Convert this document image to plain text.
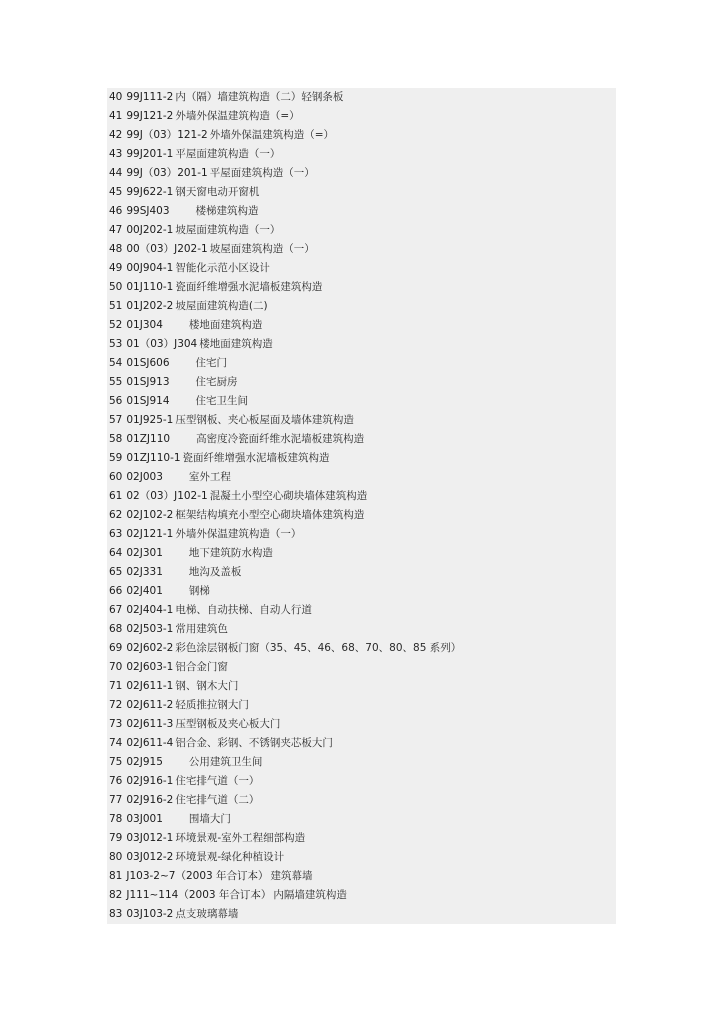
40 99J111-2 内（隔）墙建筑构造（二）轻钢条板
41 99J121-2 外墙外保温建筑构造（=）
42 99J（03）121-2 外墙外保温建筑构造（=）
43 99J201-1 平屋面建筑构造（一）
44 99J（03）201-1 平屋面建筑构造（一）
45 99J622-1 钢天窗电动开窗机
46 99SJ403 楼梯建筑构造
47 00J202-1 坡屋面建筑构造（一）
48 00（03）J202-1 坡屋面建筑构造（一）
49 00J904-1 智能化示范小区设计
50 01J110-1 瓷面纤维增强水泥墙板建筑构造
51 01J202-2 坡屋面建筑构造(二)
52 01J304 楼地面建筑构造
53 01（03）J304 楼地面建筑构造
54 01SJ606 住宅门
55 01SJ913 住宅厨房
56 01SJ914 住宅卫生间
57 01J925-1 压型钢板、夹心板屋面及墙体建筑构造
58 01ZJ110 高密度冷瓷面纤维水泥墙板建筑构造
59 01ZJ110-1 瓷面纤维增强水泥墙板建筑构造
60 02J003 室外工程
61 02（03）J102-1 混凝土小型空心砌块墙体建筑构造
62 02J102-2 框架结构填充小型空心砌块墙体建筑构造
63 02J121-1 外墙外保温建筑构造（一）
64 02J301 地下建筑防水构造
65 02J331 地沟及盖板
66 02J401 钢梯
67 02J404-1 电梯、自动扶梯、自动人行道
68 02J503-1 常用建筑色
69 02J602-2 彩色涂层钢板门窗（35、45、46、68、70、80、85 系列）
70 02J603-1 铝合金门窗
71 02J611-1 钢、钢木大门
72 02J611-2 轻质推拉钢大门
73 02J611-3 压型钢板及夹心板大门
74 02J611-4 铝合金、彩钢、不锈钢夹芯板大门
75 02J915 公用建筑卫生间
76 02J916-1 住宅排气道（一）
77 02J916-2 住宅排气道（二）
78 03J001 围墙大门
79 03J012-1 环境景观-室外工程细部构造
80 03J012-2 环境景观-绿化种植设计
81 J103-2~7（2003 年合订本） 建筑幕墙
82 J111~114（2003 年合订本） 内隔墙建筑构造
83 03J103-2 点支玻璃幕墙
